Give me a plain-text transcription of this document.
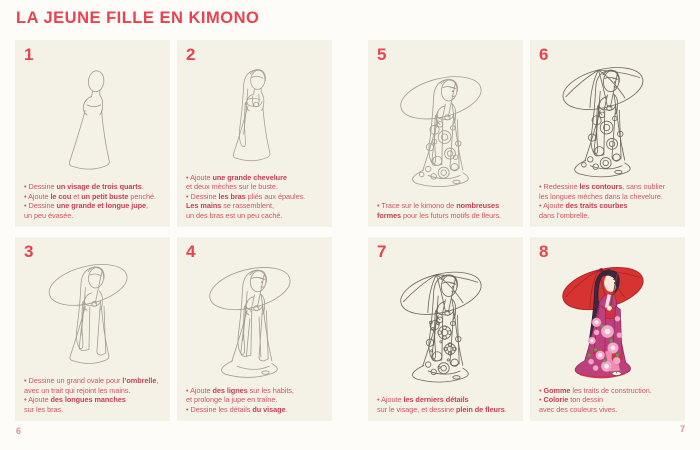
LA JEUNE FILLE EN KIMONO
1
• Dessine un visage de trois quarts.
• Ajoute le cou et un petit buste penché.
• Dessine une grande et longue jupe,
un peu évasée.
2
• Ajoute une grande chevelure
et deux mèches sur le buste.
• Dessine les bras pliés aux épaules.
Les mains se rassemblent,
un des bras est un peu caché.
3
• Dessine un grand ovale pour l’ombrelle,
avec un trait qui rejoint les mains.
• Ajoute des longues manches
sur les bras.
4
• Ajoute des lignes sur les habits,
et prolonge la jupe en traîne.
• Dessine les détails du visage.
5
• Trace sur le kimono de nombreuses
formes pour les futurs motifs de fleurs.
6
• Redessine les contours, sans oublier
les longues mèches dans la chevelure.
• Ajoute des traits courbes
dans l’ombrelle.
7
• Ajoute les derniers détails
sur le visage, et dessine plein de fleurs.
8
• Gomme les traits de construction.
• Colorie ton dessin
avec des couleurs vives.
6	7
